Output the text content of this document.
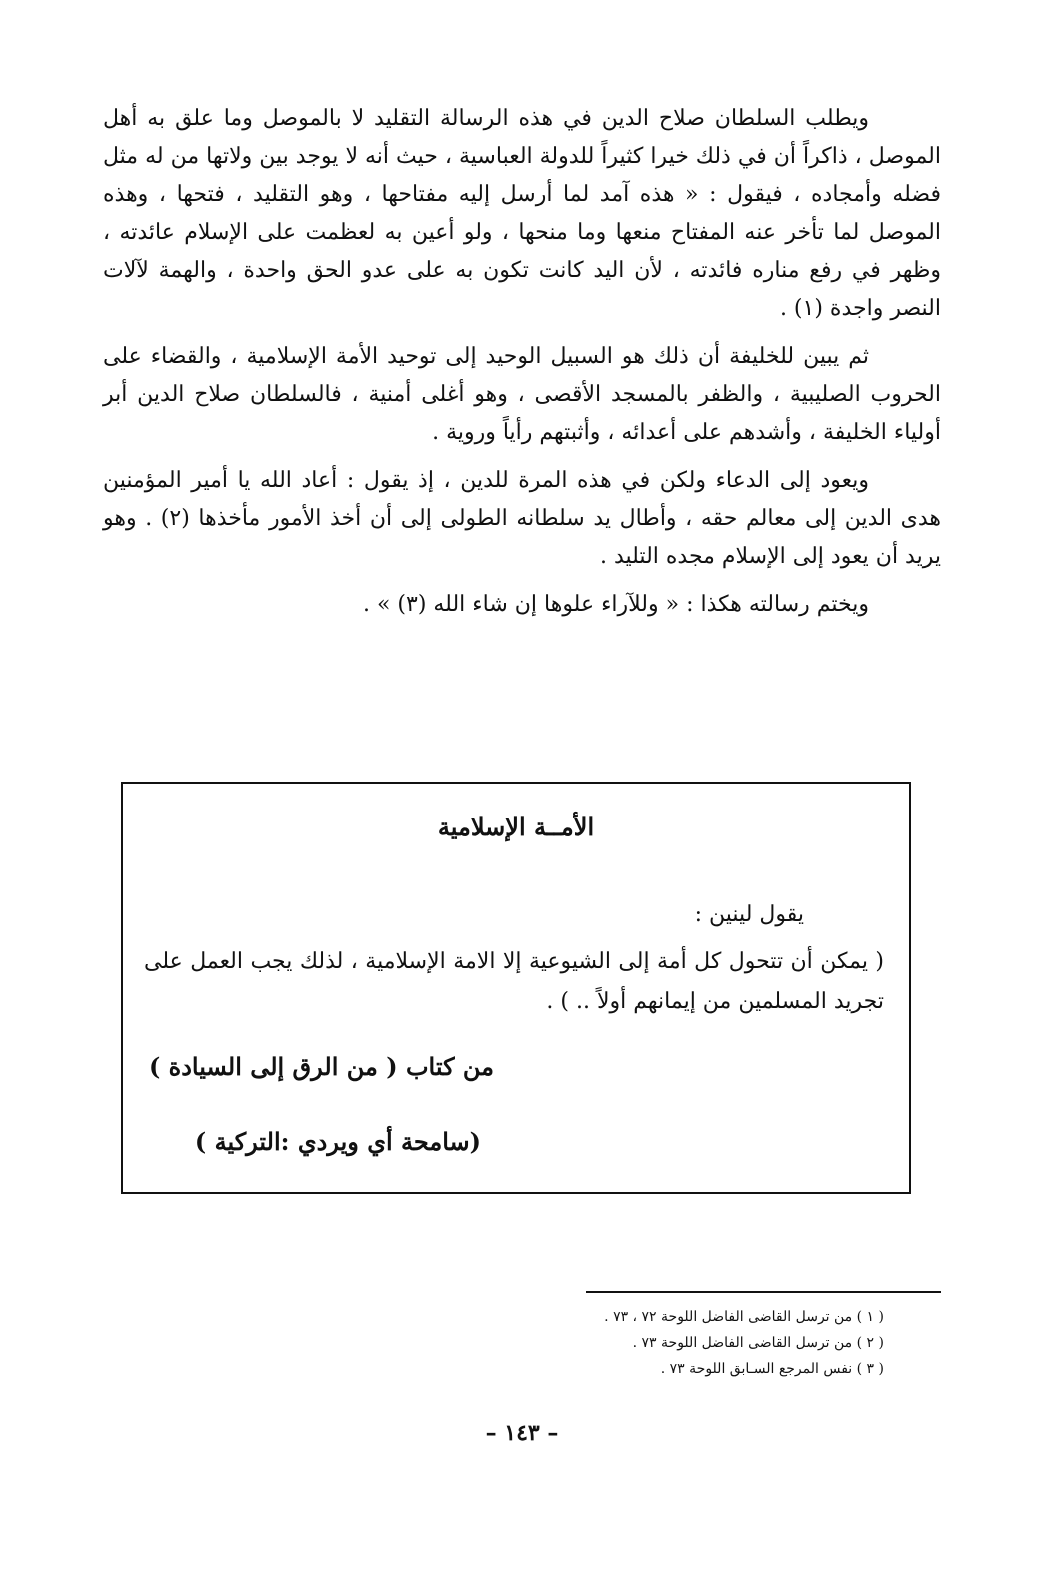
ويطلب السلطان صلاح الدين في هذه الرسالة التقليد لا بالموصل وما علق به أهل الموصل ، ذاكراً أن في ذلك خيرا كثيراً للدولة العباسية ، حيث أنه لا يوجد بين ولاتها من له مثل فضله وأمجاده ، فيقول : « هذه آمد لما أرسل إليه مفتاحها ، وهو التقليد ، فتحها ، وهذه الموصل لما تأخر عنه المفتاح منعها وما منحها ، ولو أعين به لعظمت على الإسلام عائدته ، وظهر في رفع مناره فائدته ، لأن اليد كانت تكون به على عدو الحق واحدة ، والهمة لآلات النصر واجدة (١) .

ثم يبين للخليفة أن ذلك هو السبيل الوحيد إلى توحيد الأمة الإسلامية ، والقضاء على الحروب الصليبية ، والظفر بالمسجد الأقصى ، وهو أغلى أمنية ، فالسلطان صلاح الدين أبر أولياء الخليفة ، وأشدهم على أعدائه ، وأثبتهم رأياً وروية .

ويعود إلى الدعاء ولكن في هذه المرة للدين ، إذ يقول : أعاد الله يا أمير المؤمنين هدى الدين إلى معالم حقه ، وأطال يد سلطانه الطولى إلى أن أخذ الأمور مأخذها (٢) . وهو يريد أن يعود إلى الإسلام مجده التليد .

ويختم رسالته هكذا : « وللآراء علوها إن شاء الله (٣) » .

الأمــة الإسلامية
يقول لينين :
( يمكن أن تتحول كل أمة إلى الشيوعية إلا الامة الإسلامية ، لذلك يجب العمل على تجريد المسلمين من إيمانهم أولاً .. ) .
من كتاب ( من الرق إلى السيادة )
(سامحة أي ويردي :التركية )
( ١ ) من ترسل القاضى الفاضل اللوحة ٧٢ ، ٧٣ .
( ٢ ) من ترسل القاضى الفاضل اللوحة ٧٣ .
( ٣ ) نفس المرجع السـابق اللوحة ٧٣ .
– ١٤٣ –
